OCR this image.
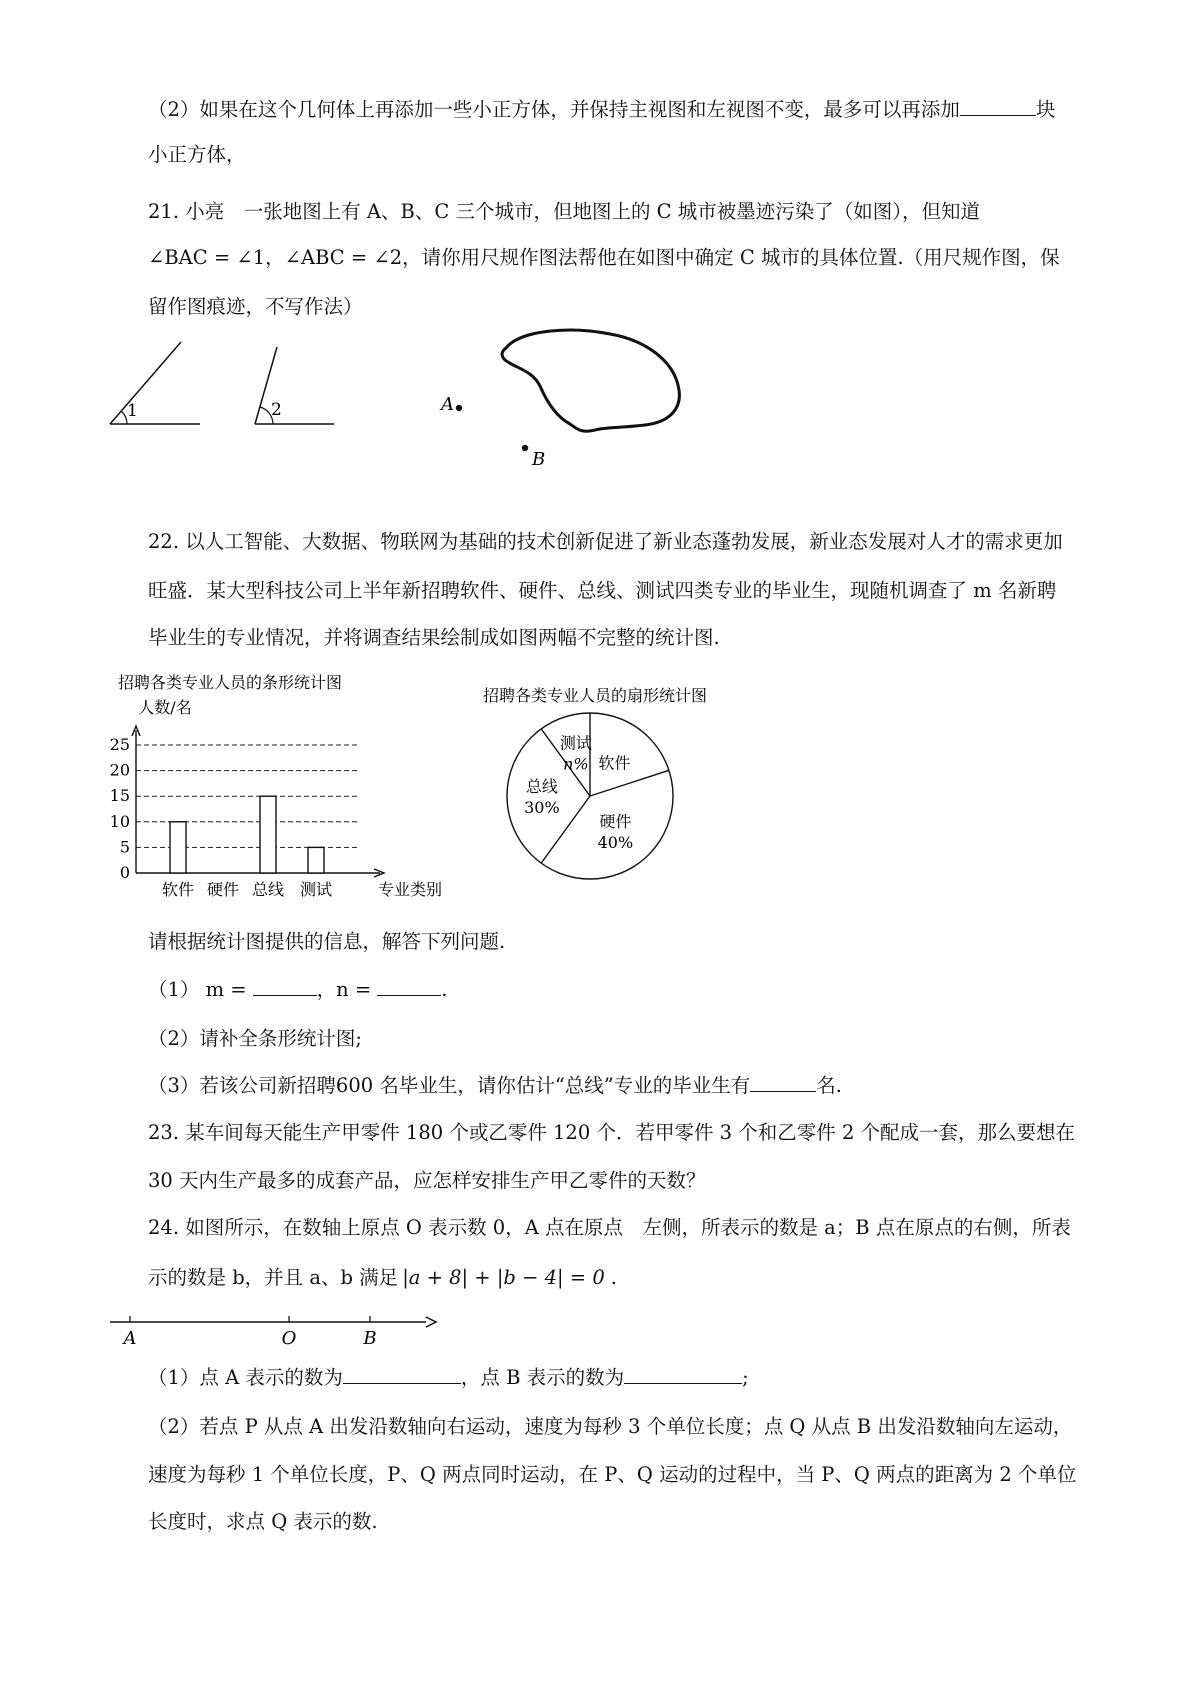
（2）如果在这个几何体上再添加一些小正方体，并保持主视图和左视图不变，最多可以再添加	块
小正方体，
21. 小亮　一张地图上有 A、B、C 三个城市，但地图上的 C 城市被墨迹污染了（如图），但知道
∠BAC = ∠1，∠ABC = ∠2，请你用尺规作图法帮他在如图中确定 C 城市的具体位置.（用尺规作图，保
留作图痕迹，不写作法）
1	2	A
B
22. 以人工智能、大数据、物联网为基础的技术创新促进了新业态蓬勃发展，新业态发展对人才的需求更加
旺盛．某大型科技公司上半年新招聘软件、硬件、总线、测试四类专业的毕业生，现随机调查了 m 名新聘
毕业生的专业情况，并将调查结果绘制成如图两幅不完整的统计图.
招聘各类专业人员的条形统计图
人数/名
专业类别
0
5
10
15
20
25
软件 硬件 总线 测试
招聘各类专业人员的扇形统计图
软件
硬件
40%
总线
30%
测试
n%
请根据统计图提供的信息，解答下列问题.
（1） m =	，n =	.
（2）请补全条形统计图;
（3）若该公司新招聘600 名毕业生，请你估计“总线”专业的毕业生有	名.
23. 某车间每天能生产甲零件 180 个或乙零件 120 个．若甲零件 3 个和乙零件 2 个配成一套，那么要想在
30 天内生产最多的成套产品，应怎样安排生产甲乙零件的天数？
24. 如图所示，在数轴上原点 O 表示数 0，A 点在原点　左侧，所表示的数是 a；B 点在原点的右侧，所表
示的数是 b，并且 a、b 满足 |a + 8| + |b − 4| = 0 .
A	O	B
（1）点 A 表示的数为	，点 B 表示的数为	;
（2）若点 P 从点 A 出发沿数轴向右运动，速度为每秒 3 个单位长度；点 Q 从点 B 出发沿数轴向左运动，
速度为每秒 1 个单位长度，P、Q 两点同时运动，在 P、Q 运动的过程中，当 P、Q 两点的距离为 2 个单位
长度时，求点 Q 表示的数.
